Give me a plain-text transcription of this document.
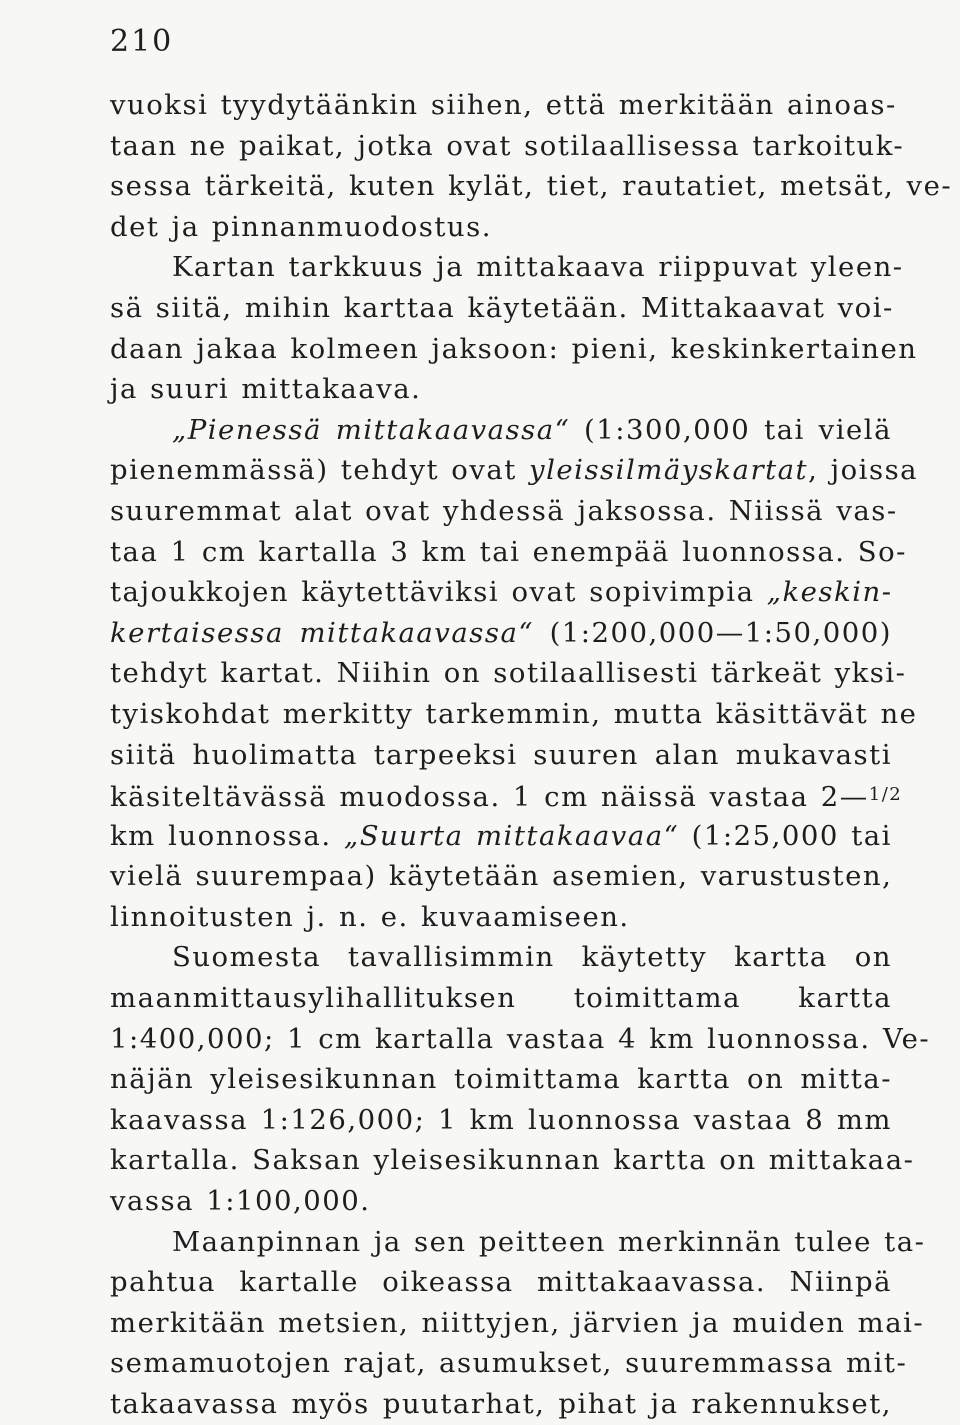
210
vuoksi tyydytäänkin siihen, että merkitään ainoas-
taan ne paikat, jotka ovat sotilaallisessa tarkoituk-
sessa tärkeitä, kuten kylät, tiet, rautatiet, metsät, ve-
det ja pinnanmuodostus.
Kartan tarkkuus ja mittakaava riippuvat yleen-
sä siitä, mihin karttaa käytetään. Mittakaavat voi-
daan jakaa kolmeen jaksoon: pieni, keskinkertainen
ja suuri mittakaava.
„Pienessä mittakaavassa“ (1:300,000 tai vielä
pienemmässä) tehdyt ovat yleissilmäyskartat, joissa
suuremmat alat ovat yhdessä jaksossa. Niissä vas-
taa 1 cm kartalla 3 km tai enempää luonnossa. So-
tajoukkojen käytettäviksi ovat sopivimpia „keskin-
kertaisessa mittakaavassa“ (1:200,000—1:50,000)
tehdyt kartat. Niihin on sotilaallisesti tärkeät yksi-
tyiskohdat merkitty tarkemmin, mutta käsittävät ne
siitä huolimatta tarpeeksi suuren alan mukavasti
käsiteltävässä muodossa. 1 cm näissä vastaa 2—$^{1/2}$
km luonnossa. „Suurta mittakaavaa“ (1:25,000 tai
vielä suurempaa) käytetään asemien, varustusten,
linnoitusten j. n. e. kuvaamiseen.
Suomesta tavallisimmin käytetty kartta on
maanmittausylihallituksen toimittama kartta
1:400,000; 1 cm kartalla vastaa 4 km luonnossa. Ve-
näjän yleisesikunnan toimittama kartta on mitta-
kaavassa 1:126,000; 1 km luonnossa vastaa 8 mm
kartalla. Saksan yleisesikunnan kartta on mittakaa-
vassa 1:100,000.
Maanpinnan ja sen peitteen merkinnän tulee ta-
pahtua kartalle oikeassa mittakaavassa. Niinpä
merkitään metsien, niittyjen, järvien ja muiden mai-
semamuotojen rajat, asumukset, suuremmassa mit-
takaavassa myös puutarhat, pihat ja rakennukset,
